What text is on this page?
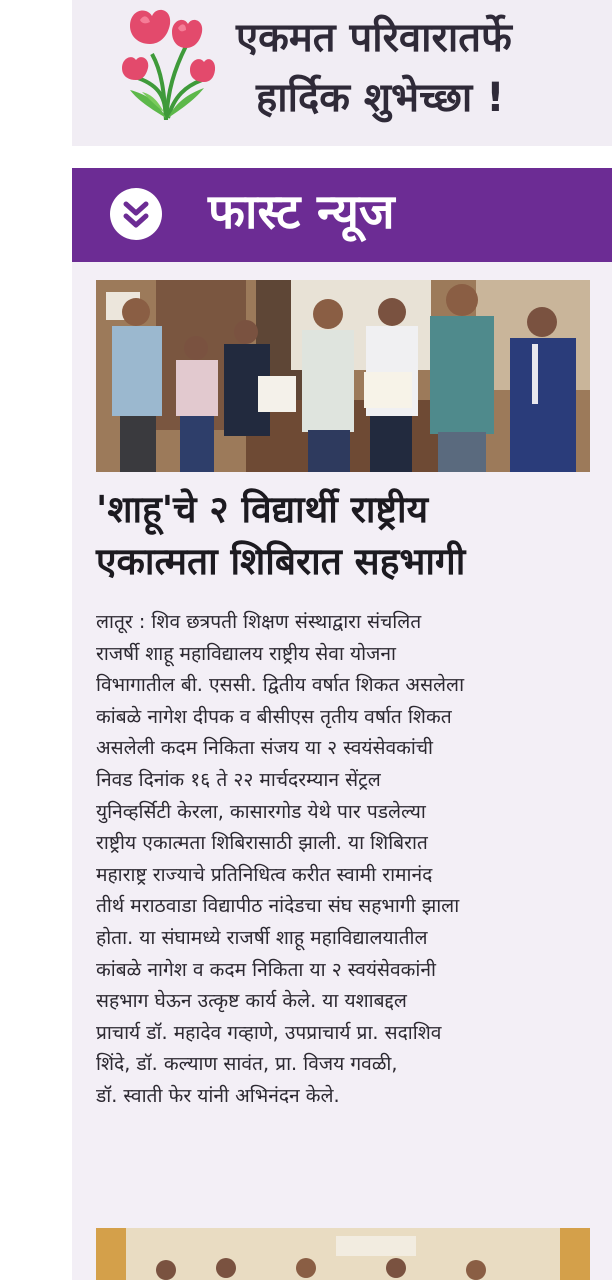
एकमत परिवारातर्फे
हार्दिक शुभेच्छा !
फास्ट न्यूज
'शाहू'चे २ विद्यार्थी राष्ट्रीय
एकात्मता शिबिरात सहभागी
लातूर : शिव छत्रपती शिक्षण संस्थाद्वारा संचलित
राजर्षी शाहू महाविद्यालय राष्ट्रीय सेवा योजना
विभागातील बी. एससी. द्वितीय वर्षात शिकत असलेला
कांबळे नागेश दीपक व बीसीएस तृतीय वर्षात शिकत
असलेली कदम निकिता संजय या २ स्वयंसेवकांची
निवड दिनांक १६ ते २२ मार्चदरम्यान सेंट्रल
युनिव्हर्सिटी केरला, कासारगोड येथे पार पडलेल्या
राष्ट्रीय एकात्मता शिबिरासाठी झाली. या शिबिरात
महाराष्ट्र राज्याचे प्रतिनिधित्व करीत स्वामी रामानंद
तीर्थ मराठवाडा विद्यापीठ नांदेडचा संघ सहभागी झाला
होता. या संघामध्ये राजर्षी शाहू महाविद्यालयातील
कांबळे नागेश व कदम निकिता या २ स्वयंसेवकांनी
सहभाग घेऊन उत्कृष्ट कार्य केले. या यशाबद्दल
प्राचार्य डॉ. महादेव गव्हाणे, उपप्राचार्य प्रा. सदाशिव
शिंदे, डॉ. कल्याण सावंत, प्रा. विजय गवळी,
डॉ. स्वाती फेर यांनी अभिनंदन केले.
